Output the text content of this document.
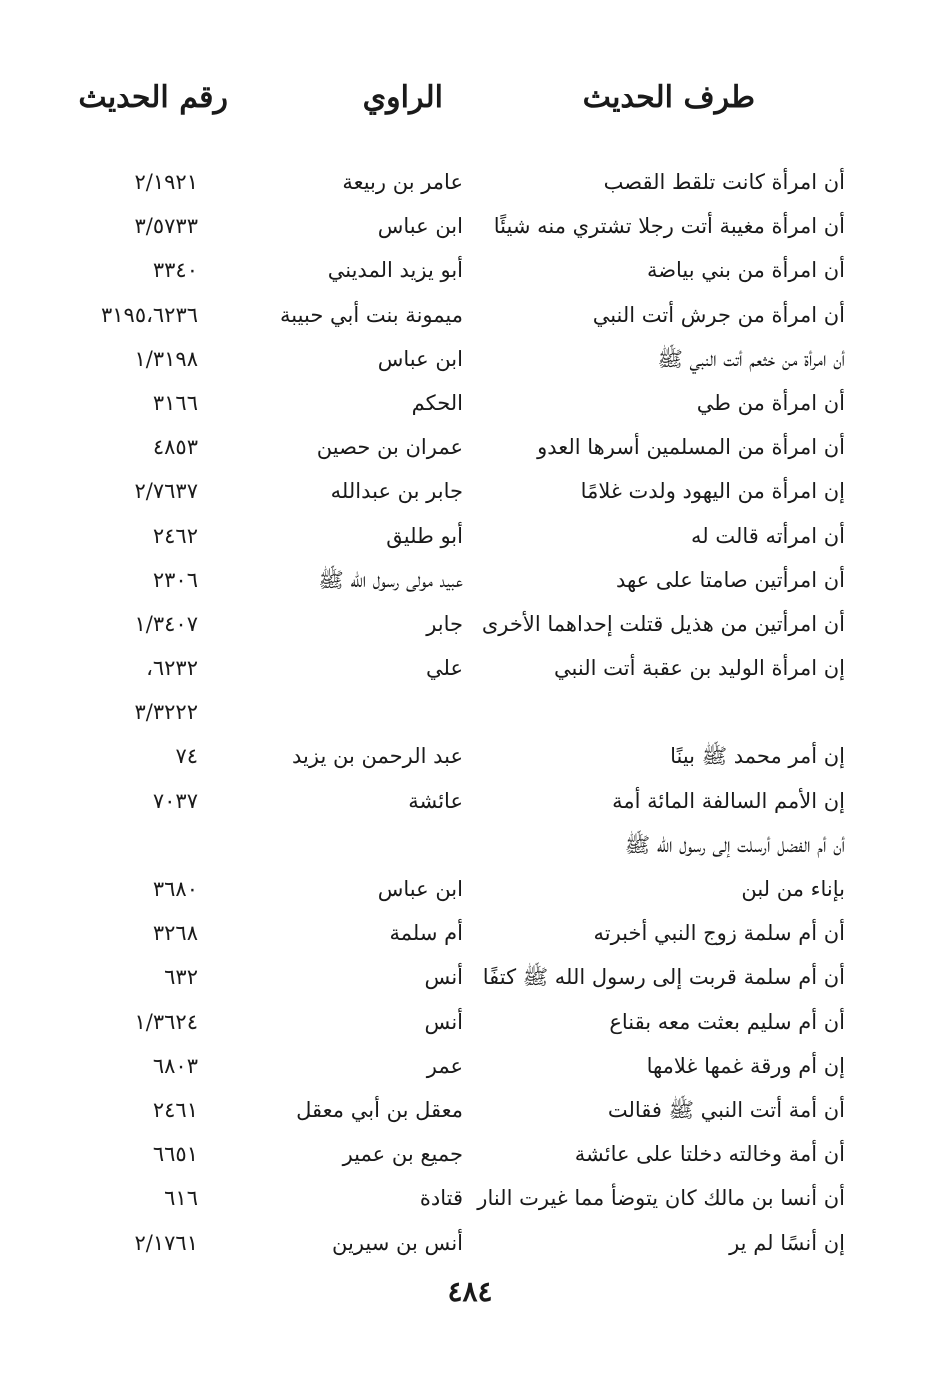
طرف الحديث
الراوي
رقم الحديث
أن امرأة كانت تلقط القصب
عامر بن ربيعة
٢/١٩٢١
أن امرأة مغيبة أتت رجلا تشتري منه شيئًا
ابن عباس
٣/٥٧٣٣
أن امرأة من بني بياضة
أبو يزيد المديني
٣٣٤٠
أن امرأة من جرش أتت النبي
ميمونة بنت أبي حبيبة
٣١٩٥،٦٢٣٦
أن امرأة من خثعم أتت النبي ﷺ
ابن عباس
١/٣١٩٨
أن امرأة من طي
الحكم
٣١٦٦
أن امرأة من المسلمين أسرها العدو
عمران بن حصين
٤٨٥٣
إن امرأة من اليهود ولدت غلامًا
جابر بن عبدالله
٢/٧٦٣٧
أن امرأته قالت له
أبو طليق
٢٤٦٢
أن امرأتين صامتا على عهد
عبيد مولى رسول الله ﷺ
٢٣٠٦
أن امرأتين من هذيل قتلت إحداهما الأخرى
جابر
١/٣٤٠٧
إن امرأة الوليد بن عقبة أتت النبي
علي
٦٢٣٢،
٣/٣٢٢٢
إن أمر محمد ﷺ بينًا
عبد الرحمن بن يزيد
٧٤
إن الأمم السالفة المائة أمة
عائشة
٧٠٣٧
أن أم الفضل أرسلت إلى رسول الله ﷺ
بإناء من لبن
ابن عباس
٣٦٨٠
أن أم سلمة زوج النبي أخبرته
أم سلمة
٣٢٦٨
أن أم سلمة قربت إلى رسول الله ﷺ كتفًا
أنس
٦٣٢
أن أم سليم بعثت معه بقناع
أنس
١/٣٦٢٤
إن أم ورقة غمها غلامها
عمر
٦٨٠٣
أن أمة أتت النبي ﷺ فقالت
معقل بن أبي معقل
٢٤٦١
أن أمة وخالته دخلتا على عائشة
جميع بن عمير
٦٦٥١
أن أنسا بن مالك كان يتوضأ مما غيرت النار
قتادة
٦١٦
إن أنسًا لم ير
أنس بن سيرين
٢/١٧٦١
٤٨٤
